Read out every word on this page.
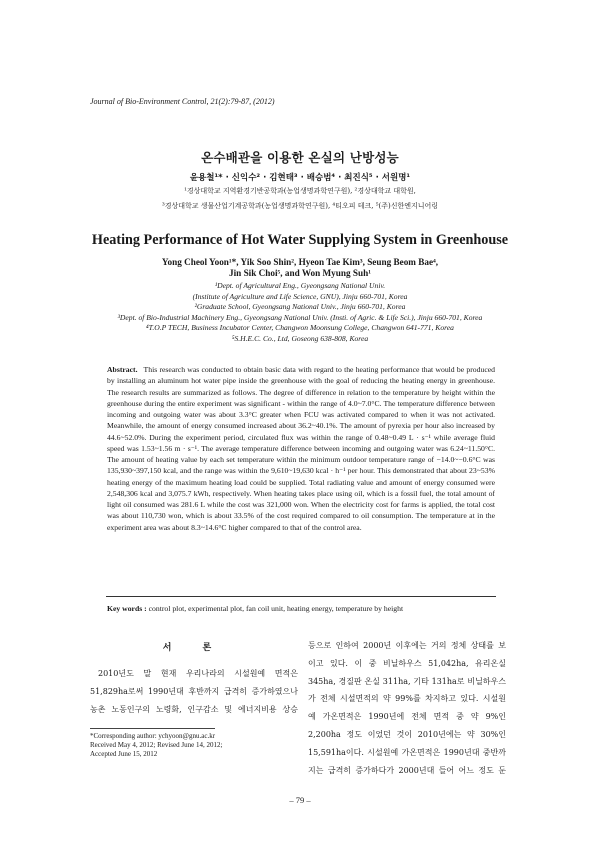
Journal of Bio-Environment Control, 21(2):79-87, (2012)
온수배관을 이용한 온실의 난방성능
윤용철¹* · 신익수² · 김현태³ · 배승범⁴ · 최진식⁵ · 서원명¹
¹경상대학교 지역환경기반공학과(농업생명과학연구원), ²경상대학교 대학원,
³경상대학교 생물산업기계공학과(농업생명과학연구원), ⁴티오피 테크, ⁵(주)신한엔지니어링
Heating Performance of Hot Water Supplying System in Greenhouse
Yong Cheol Yoon¹*, Yik Soo Shin², Hyeon Tae Kim³, Seung Beom Bae⁴,
Jin Sik Choi⁵, and Won Myung Suh¹
¹Dept. of Agricultural Eng., Gyeongsang National Univ.
(Institute of Agriculture and Life Science, GNU), Jinju 660-701, Korea
²Graduate School, Gyeongsang National Univ., Jinju 660-701, Korea
³Dept. of Bio-Industrial Machinery Eng., Gyeongsang National Univ. (Insti. of Agric. & Life Sci.), Jinju 660-701, Korea
⁴T.O.P TECH, Business Incubator Center, Changwon Moonsung College, Changwon 641-771, Korea
⁵S.H.E.C. Co., Ltd, Goseong 638-808, Korea
Abstract. This research was conducted to obtain basic data with regard to the heating performance that would be produced by installing an aluminum hot water pipe inside the greenhouse with the goal of reducing the heating energy in greenhouse. The research results are summarized as follows. The degree of difference in relation to the temperature by height within the greenhouse during the entire experiment was significant - within the range of 4.0~7.0°C. The temperature difference between incoming and outgoing water was about 3.3°C greater when FCU was activated compared to when it was not activated. Meanwhile, the amount of energy consumed increased about 36.2~40.1%. The amount of pyrexia per hour also increased by 44.6~52.0%. During the experiment period, circulated flux was within the range of 0.48~0.49 L · s⁻¹ while average fluid speed was 1.53~1.56 m · s⁻¹. The average temperature difference between incoming and outgoing water was 6.24~11.50°C. The amount of heating value by each set temperature within the minimum outdoor temperature range of −14.0~−0.6°C was 135,930~397,150 kcal, and the range was within the 9,610~19,630 kcal · h⁻¹ per hour. This demonstrated that about 23~53% heating energy of the maximum heating load could be supplied. Total radiating value and amount of energy consumed were 2,548,306 kcal and 3,075.7 kWh, respectively. When heating takes place using oil, which is a fossil fuel, the total amount of light oil consumed was 281.6 L while the cost was 321,000 won. When the electricity cost for farms is applied, the total cost was about 110,730 won, which is about 33.5% of the cost required compared to oil consumption. The temperature at in the experiment area was about 8.3~14.6°C higher compared to that of the control area.
Key words : control plot, experimental plot, fan coil unit, heating energy, temperature by height
서 론
2010년도 말 현재 우리나라의 시설원예 면적은
51,829ha로써 1990년대 후반까지 급격히 증가하였으나
농촌 노동인구의 노령화, 인구감소 및 에너지비용 상승
등으로 인하여 2000년 이후에는 거의 정체 상태를 보
이고 있다. 이 중 비닐하우스 51,042ha, 유리온실
345ha, 경질판 온실 311ha, 기타 131ha로 비닐하우스
가 전체 시설면적의 약 99%를 차지하고 있다. 시설원
예 가온면적은 1990년에 전체 면적 중 약 9%인
2,200ha 정도 이었던 것이 2010년에는 약 30%인
15,591ha이다. 시설원예 가온면적은 1990년대 중반까
지는 급격히 증가하다가 2000년대 들어 어느 정도 둔
*Corresponding author: ychyoon@gnu.ac.kr
Received May 4, 2012; Revised June 14, 2012;
Accepted June 15, 2012
– 79 –
